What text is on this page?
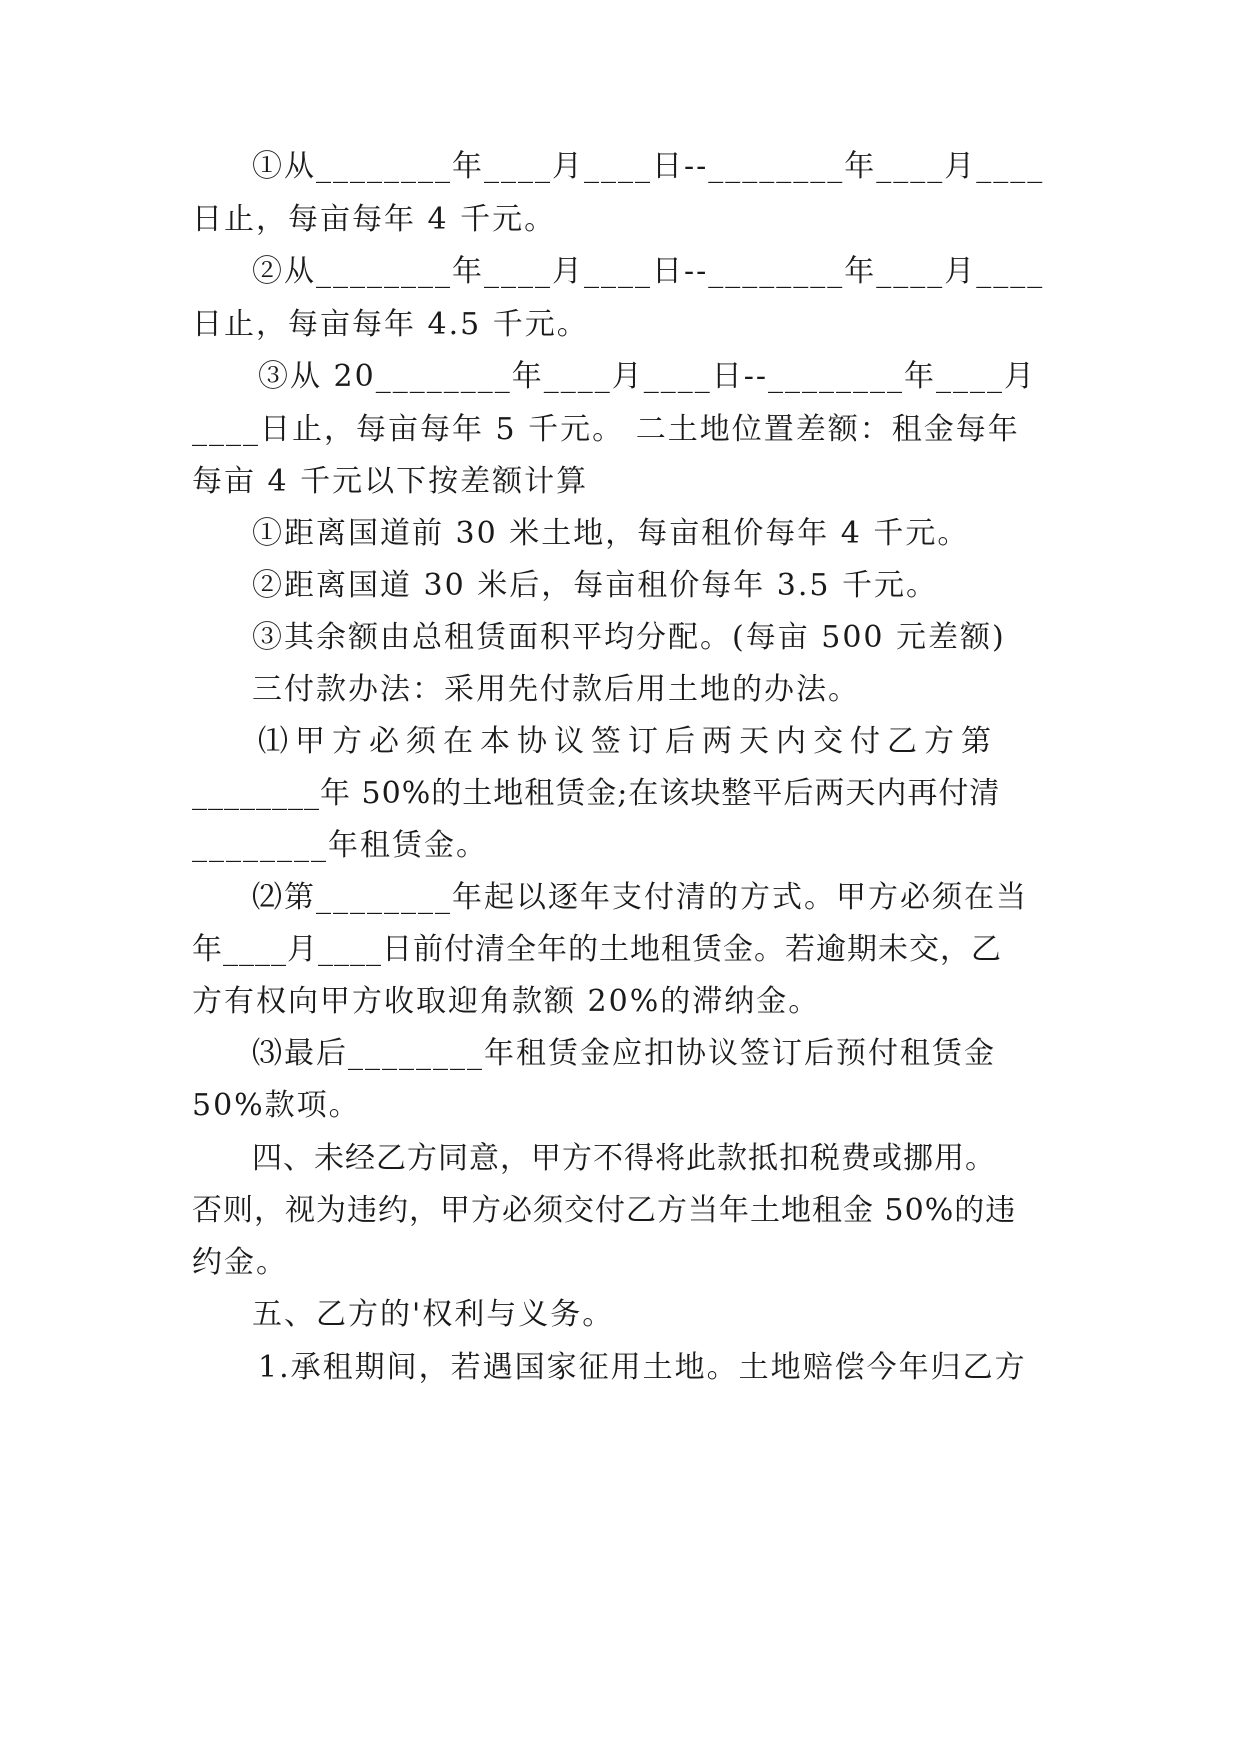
①从________年____月____日--________年____月____
日止，每亩每年 4 千元。
②从________年____月____日--________年____月____
日止，每亩每年 4.5 千元。
③从 20________年____月____日--________年____月
____日止，每亩每年 5 千元。 二土地位置差额：租金每年
每亩 4 千元以下按差额计算
①距离国道前 30 米土地，每亩租价每年 4 千元。
②距离国道 30 米后，每亩租价每年 3.5 千元。
③其余额由总租赁面积平均分配。(每亩 500 元差额)
三付款办法：采用先付款后用土地的办法。
⑴甲方必须在本协议签订后两天内交付乙方第
________年 50%的土地租赁金;在该块整平后两天内再付清
________年租赁金。
⑵第________年起以逐年支付清的方式。甲方必须在当
年____月____日前付清全年的土地租赁金。若逾期未交，乙
方有权向甲方收取迎角款额 20%的滞纳金。
⑶最后________年租赁金应扣协议签订后预付租赁金
50%款项。
四、未经乙方同意，甲方不得将此款抵扣税费或挪用。
否则，视为违约，甲方必须交付乙方当年土地租金 50%的违
约金。
五、乙方的'权利与义务。
1.承租期间，若遇国家征用土地。土地赔偿今年归乙方
